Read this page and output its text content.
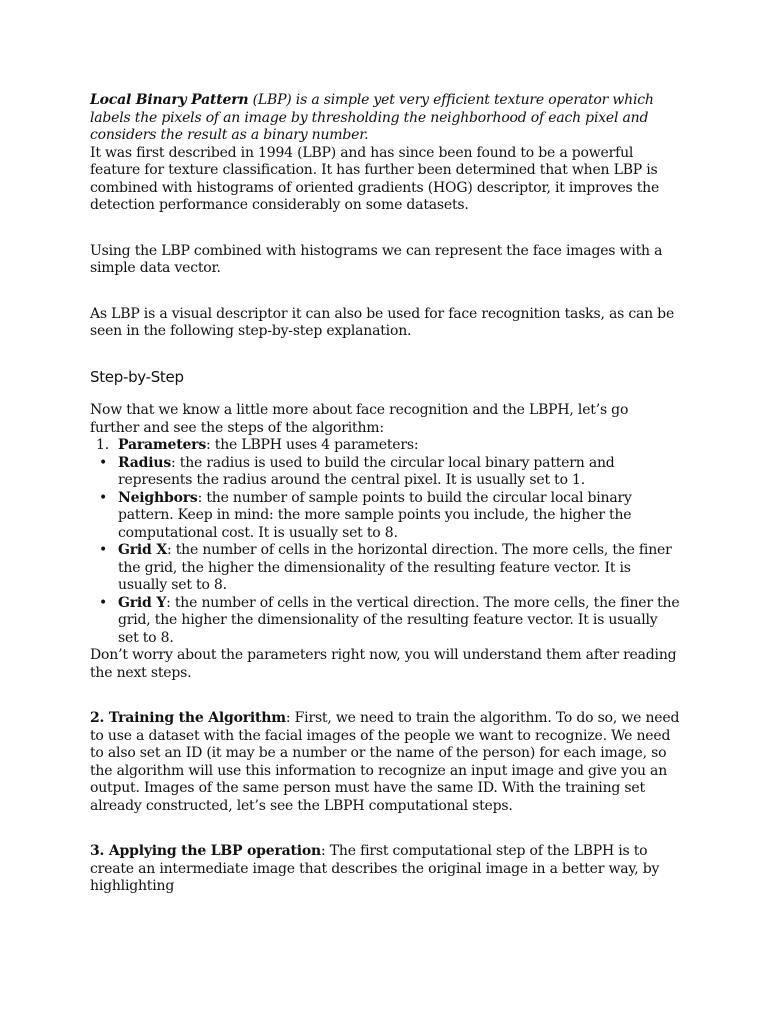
Local Binary Pattern (LBP) is a simple yet very efficient texture operator which labels the pixels of an image by thresholding the neighborhood of each pixel and considers the result as a binary number.

It was first described in 1994 (LBP) and has since been found to be a powerful feature for texture classification. It has further been determined that when LBP is combined with histograms of oriented gradients (HOG) descriptor, it improves the detection performance considerably on some datasets.

Using the LBP combined with histograms we can represent the face images with a simple data vector.

As LBP is a visual descriptor it can also be used for face recognition tasks, as can be seen in the following step-by-step explanation.

Step-by-Step

Now that we know a little more about face recognition and the LBPH, let’s go further and see the steps of the algorithm:

1. Parameters: the LBPH uses 4 parameters:
• Radius: the radius is used to build the circular local binary pattern and represents the radius around the central pixel. It is usually set to 1.
• Neighbors: the number of sample points to build the circular local binary pattern. Keep in mind: the more sample points you include, the higher the computational cost. It is usually set to 8.
• Grid X: the number of cells in the horizontal direction. The more cells, the finer the grid, the higher the dimensionality of the resulting feature vector. It is usually set to 8.
• Grid Y: the number of cells in the vertical direction. The more cells, the finer the grid, the higher the dimensionality of the resulting feature vector. It is usually set to 8.

Don’t worry about the parameters right now, you will understand them after reading the next steps.

2. Training the Algorithm: First, we need to train the algorithm. To do so, we need to use a dataset with the facial images of the people we want to recognize. We need to also set an ID (it may be a number or the name of the person) for each image, so the algorithm will use this information to recognize an input image and give you an output. Images of the same person must have the same ID. With the training set already constructed, let’s see the LBPH computational steps.

3. Applying the LBP operation: The first computational step of the LBPH is to create an intermediate image that describes the original image in a better way, by highlighting
